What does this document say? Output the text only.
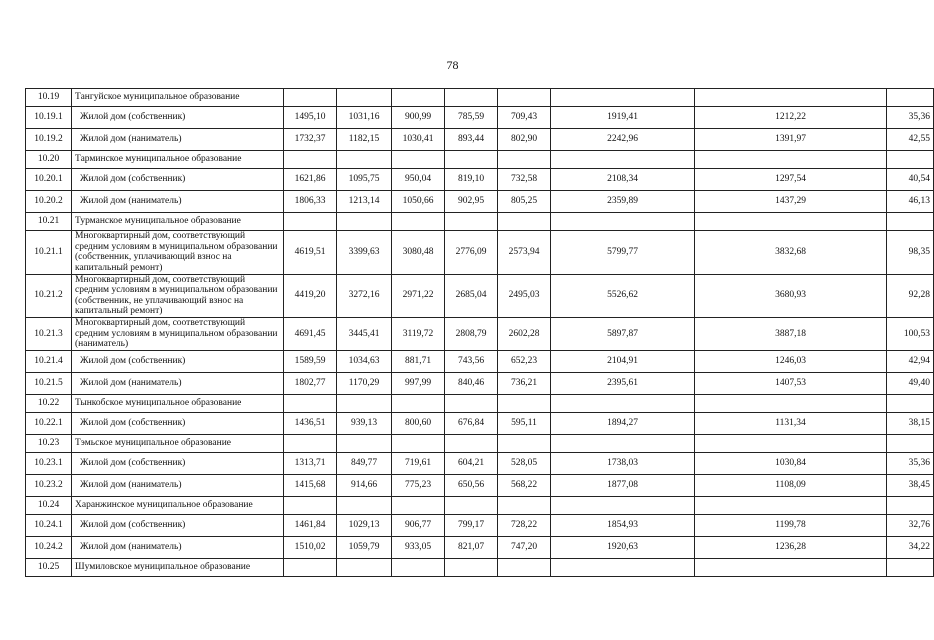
78
10.19	Тангуйское муниципальное образование								
10.19.1	Жилой дом (собственник)	1495,10	1031,16	900,99	785,59	709,43	1919,41	1212,22	35,36
10.19.2	Жилой дом (наниматель)	1732,37	1182,15	1030,41	893,44	802,90	2242,96	1391,97	42,55
10.20	Тарминское муниципальное образование								
10.20.1	Жилой дом (собственник)	1621,86	1095,75	950,04	819,10	732,58	2108,34	1297,54	40,54
10.20.2	Жилой дом (наниматель)	1806,33	1213,14	1050,66	902,95	805,25	2359,89	1437,29	46,13
10.21	Турманское муниципальное образование								
10.21.1	Многоквартирный дом, соответствующий средним условиям в муниципальном образовании (собственник, уплачивающий взнос на капитальный ремонт)	4619,51	3399,63	3080,48	2776,09	2573,94	5799,77	3832,68	98,35
10.21.2	Многоквартирный дом, соответствующий средним условиям в муниципальном образовании (собственник, не уплачивающий взнос на капитальный ремонт)	4419,20	3272,16	2971,22	2685,04	2495,03	5526,62	3680,93	92,28
10.21.3	Многоквартирный дом, соответствующий средним условиям в муниципальном образовании (наниматель)	4691,45	3445,41	3119,72	2808,79	2602,28	5897,87	3887,18	100,53
10.21.4	Жилой дом (собственник)	1589,59	1034,63	881,71	743,56	652,23	2104,91	1246,03	42,94
10.21.5	Жилой дом (наниматель)	1802,77	1170,29	997,99	840,46	736,21	2395,61	1407,53	49,40
10.22	Тынкобское муниципальное образование								
10.22.1	Жилой дом (собственник)	1436,51	939,13	800,60	676,84	595,11	1894,27	1131,34	38,15
10.23	Тэмьское муниципальное образование								
10.23.1	Жилой дом (собственник)	1313,71	849,77	719,61	604,21	528,05	1738,03	1030,84	35,36
10.23.2	Жилой дом (наниматель)	1415,68	914,66	775,23	650,56	568,22	1877,08	1108,09	38,45
10.24	Харанжинское муниципальное образование								
10.24.1	Жилой дом (собственник)	1461,84	1029,13	906,77	799,17	728,22	1854,93	1199,78	32,76
10.24.2	Жилой дом (наниматель)	1510,02	1059,79	933,05	821,07	747,20	1920,63	1236,28	34,22
10.25	Шумиловское муниципальное образование								
